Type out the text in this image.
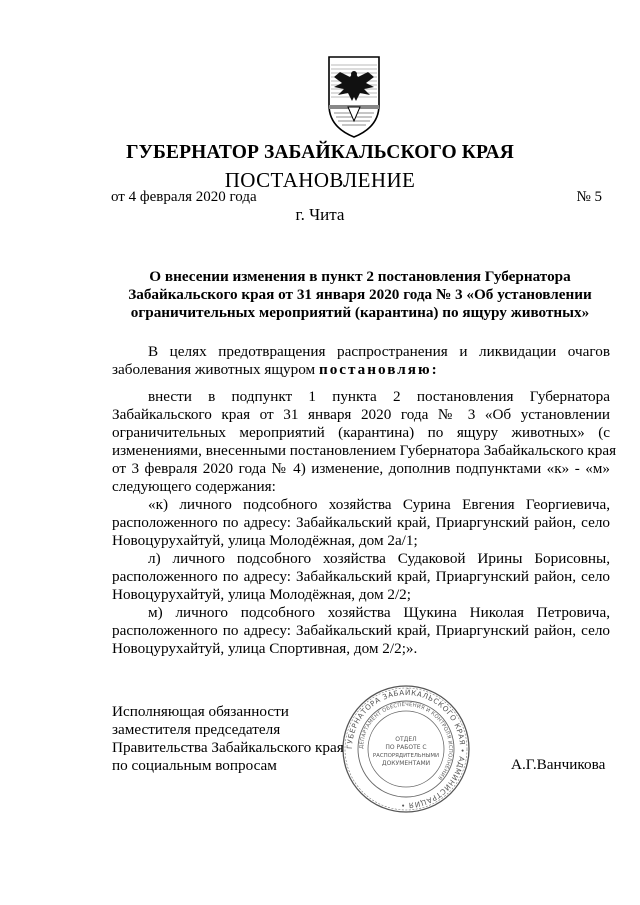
ГУБЕРНАТОР ЗАБАЙКАЛЬСКОГО КРАЯ
ПОСТАНОВЛЕНИЕ
от 4 февраля 2020 года	№ 5
г. Чита
О внесении изменения в пункт 2 постановления Губернатора
Забайкальского края от 31 января 2020 года № 3 «Об установлении
ограничительных мероприятий (карантина) по ящуру животных»
В целях предотвращения распространения и ликвидации очагов
заболевания животных ящуром постановляю:
внести в подпункт 1 пункта 2 постановления Губернатора
Забайкальского края от 31 января 2020 года № 3 «Об установлении
ограничительных мероприятий (карантина) по ящуру животных» (с
изменениями, внесенными постановлением Губернатора Забайкальского края
от 3 февраля 2020 года № 4) изменение, дополнив подпунктами «к» - «м»
следующего содержания:
«к) личного подсобного хозяйства Сурина Евгения Георгиевича,
расположенного по адресу: Забайкальский край, Приаргунский район, село
Новоцурухайтуй, улица Молодёжная, дом 2а/1;
л) личного подсобного хозяйства Судаковой Ирины Борисовны,
расположенного по адресу: Забайкальский край, Приаргунский район, село
Новоцурухайтуй, улица Молодёжная, дом 2/2;
м) личного подсобного хозяйства Щукина Николая Петровича,
расположенного по адресу: Забайкальский край, Приаргунский район, село
Новоцурухайтуй, улица Спортивная, дом 2/2;».
Исполняющая обязанности
заместителя председателя
Правительства Забайкальского края
по социальным вопросам	А.Г.Ванчикова
ГУБЕРНАТОРА ЗАБАЙКАЛЬСКОГО КРАЯ • АДМИНИСТРАЦИЯ •
ДЕПАРТАМЕНТ ОБЕСПЕЧЕНИЯ И КОНТРОЛЯ ИСПОЛНЕНИЯ
ОТДЕЛ
ПО РАБОТЕ С
РАСПОРЯДИТЕЛЬНЫМИ
ДОКУМЕНТАМИ
